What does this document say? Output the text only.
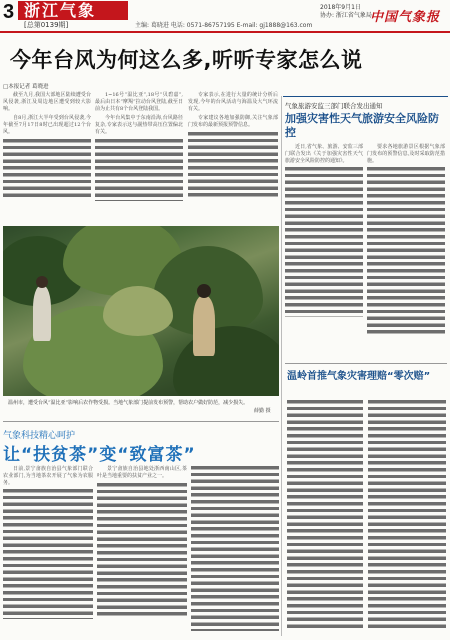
3 浙江气象
[总第0139期]	主编: 葛晓进 电话: 0571-86757195 E-mail: gj1888@163.com
2018年9月1日
协办: 浙江省气象局
中国气象报
今年台风为何这么多,听听专家怎么说
□本报记者 葛晓进

截至九月,我国大部地区陆续遭受台风侵袭,浙江及周边地区遭受到较大影响。

自8月,浙江大半年受到台风侵袭,今年截至7月17日8时已出现超过12个台风。

1~16号“温比亚”,18号“贝碧嘉”,最后由日本“摩羯”拉动台风登陆,截至日前为止共有8个台风登陆我国。

今年台风集中于东南沿海,台风路径复杂,专家表示这与副热带高压位置偏北有关。

专家表示,在进行大量的统计分析后发现,今年的台风活动与海温及大气环流有关。

专家建议各地加强防御,关注气象部门发布的最新预报预警信息。

温州市，遭受台风“温比亚”影响后农作物受损。当地气象部门提前发布预警，帮助农户做好防范，减少损失。
薛勤 摄
气象科技精心呵护
让“扶贫茶”变“致富茶”

日前,景宁畲族自治县气象部门联合农业部门,为当地茶农开展了气象为农服务。

景宁畲族自治县地处浙西南山区,茶叶是当地重要的扶贫产业之一。

气象旅游安监三部门联合发出通知
加强灾害性天气旅游安全风险防控

近日,省气象、旅游、安监三部门联合发出《关于加强灾害性天气旅游安全风险防控的通知》。

要求各地旅游景区根据气象部门发布的预警信息,及时采取防范措施。

温岭首推气象灾害理赔“零次赔”
